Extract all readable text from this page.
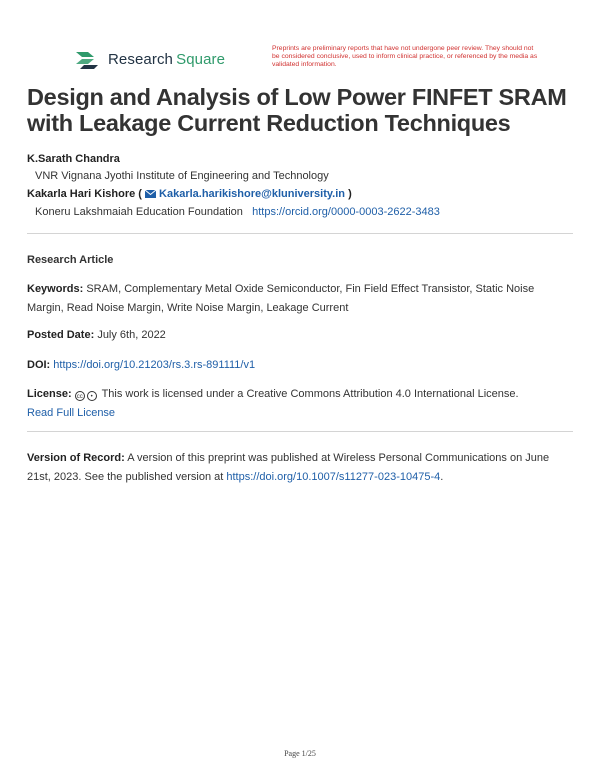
Research  Square
Preprints are preliminary reports that have not undergone peer review. They should not be considered conclusive, used to inform clinical practice, or referenced by the media as validated information.
Design and Analysis of Low Power FINFET SRAM with Leakage Current Reduction Techniques
K.Sarath Chandra
VNR Vignana Jyothi Institute of Engineering and Technology
Kakarla Hari Kishore ( Kakarla.harikishore@kluniversity.in )
Koneru Lakshmaiah Education Foundation https://orcid.org/0000-0003-2622-3483
Research Article
Keywords: SRAM, Complementary Metal Oxide Semiconductor, Fin Field Effect Transistor, Static Noise Margin, Read Noise Margin, Write Noise Margin, Leakage Current
Posted Date: July 6th, 2022
DOI: https://doi.org/10.21203/rs.3.rs-891111/v1
License: cc • This work is licensed under a Creative Commons Attribution 4.0 International License.
Read Full License
Version of Record: A version of this preprint was published at Wireless Personal Communications on June 21st, 2023. See the published version at https://doi.org/10.1007/s11277-023-10475-4.
Page 1/25
